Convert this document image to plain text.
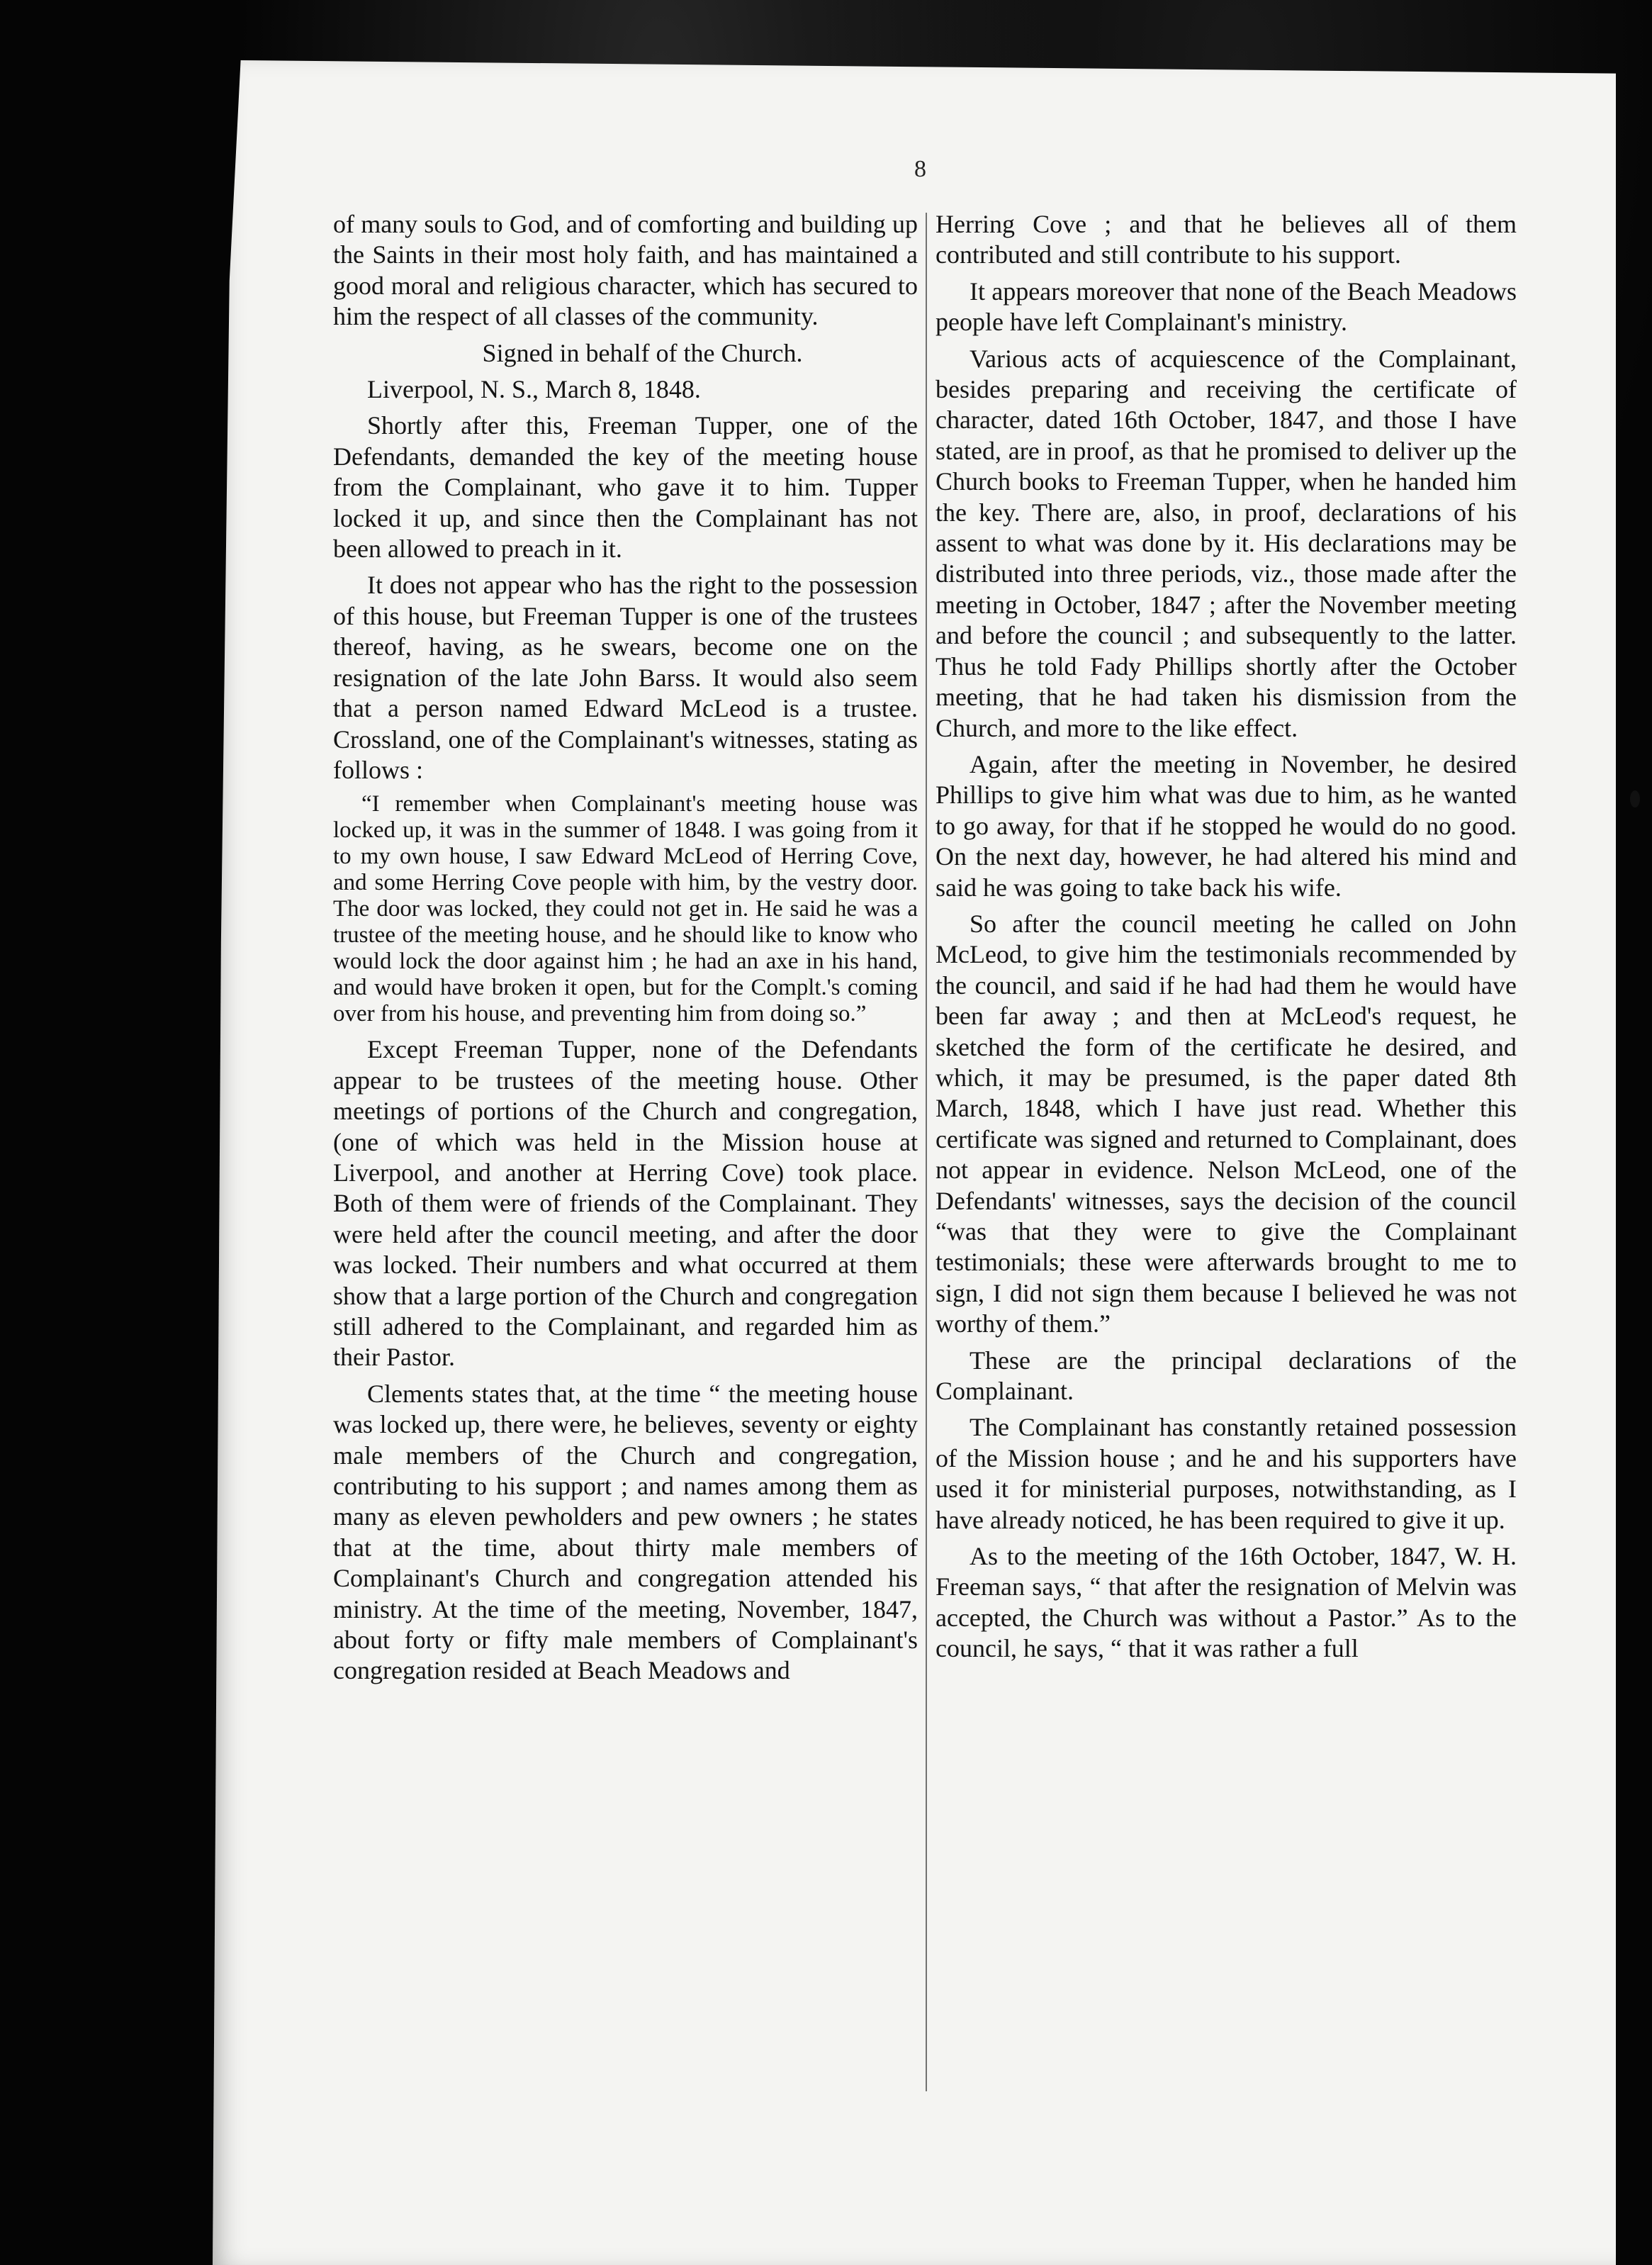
8

of many souls to God, and of comforting and building up the Saints in their most holy faith, and has maintained a good moral and religious character, which has secured to him the respect of all classes of the community.

Signed in behalf of the Church.

Liverpool, N. S., March 8, 1848.

Shortly after this, Freeman Tupper, one of the Defendants, demanded the key of the meeting house from the Complainant, who gave it to him. Tupper locked it up, and since then the Complainant has not been allowed to preach in it.

It does not appear who has the right to the possession of this house, but Freeman Tupper is one of the trustees thereof, having, as he swears, become one on the resignation of the late John Barss. It would also seem that a person named Edward McLeod is a trustee. Crossland, one of the Complainant's witnesses, stating as follows :

“I remember when Complainant's meeting house was locked up, it was in the summer of 1848. I was going from it to my own house, I saw Edward McLeod of Herring Cove, and some Herring Cove people with him, by the vestry door. The door was locked, they could not get in. He said he was a trustee of the meeting house, and he should like to know who would lock the door against him ; he had an axe in his hand, and would have broken it open, but for the Complt.'s coming over from his house, and preventing him from doing so.”

Except Freeman Tupper, none of the Defendants appear to be trustees of the meeting house. Other meetings of portions of the Church and congregation, (one of which was held in the Mission house at Liverpool, and another at Herring Cove) took place. Both of them were of friends of the Complainant. They were held after the council meeting, and after the door was locked. Their numbers and what occurred at them show that a large portion of the Church and congregation still adhered to the Complainant, and regarded him as their Pastor.

Clements states that, at the time “ the meeting house was locked up, there were, he believes, seventy or eighty male members of the Church and congregation, contributing to his support ; and names among them as many as eleven pewholders and pew owners ; he states that at the time, about thirty male members of Complainant's Church and congregation attended his ministry. At the time of the meeting, November, 1847, about forty or fifty male members of Complainant's congregation resided at Beach Meadows and

Herring Cove ; and that he believes all of them contributed and still contribute to his support.

It appears moreover that none of the Beach Meadows people have left Complainant's ministry.

Various acts of acquiescence of the Complainant, besides preparing and receiving the certificate of character, dated 16th October, 1847, and those I have stated, are in proof, as that he promised to deliver up the Church books to Freeman Tupper, when he handed him the key. There are, also, in proof, declarations of his assent to what was done by it. His declarations may be distributed into three periods, viz., those made after the meeting in October, 1847 ; after the November meeting and before the council ; and subsequently to the latter. Thus he told Fady Phillips shortly after the October meeting, that he had taken his dismission from the Church, and more to the like effect.

Again, after the meeting in November, he desired Phillips to give him what was due to him, as he wanted to go away, for that if he stopped he would do no good. On the next day, however, he had altered his mind and said he was going to take back his wife.

So after the council meeting he called on John McLeod, to give him the testimonials recommended by the council, and said if he had had them he would have been far away ; and then at McLeod's request, he sketched the form of the certificate he desired, and which, it may be presumed, is the paper dated 8th March, 1848, which I have just read. Whether this certificate was signed and returned to Complainant, does not appear in evidence. Nelson McLeod, one of the Defendants' witnesses, says the decision of the council “was that they were to give the Complainant testimonials; these were afterwards brought to me to sign, I did not sign them because I believed he was not worthy of them.”

These are the principal declarations of the Complainant.

The Complainant has constantly retained possession of the Mission house ; and he and his supporters have used it for ministerial purposes, notwithstanding, as I have already noticed, he has been required to give it up.

As to the meeting of the 16th October, 1847, W. H. Freeman says, “ that after the resignation of Melvin was accepted, the Church was without a Pastor.” As to the council, he says, “ that it was rather a full
